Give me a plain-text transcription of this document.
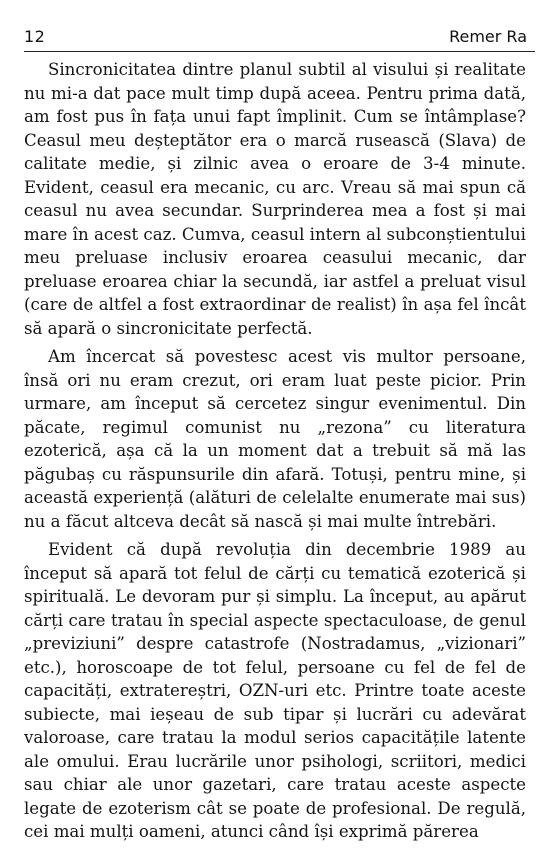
12	Remer Ra

Sincronicitatea dintre planul subtil al visului și realitate nu mi-a dat pace mult timp după aceea. Pentru prima dată, am fost pus în fața unui fapt împlinit. Cum se întâmplase? Ceasul meu deșteptător era o marcă rusească (Slava) de calitate medie, și zilnic avea o eroare de 3-4 minute. Evident, ceasul era mecanic, cu arc. Vreau să mai spun că ceasul nu avea secundar. Surprinderea mea a fost și mai mare în acest caz. Cumva, ceasul intern al subconștientului meu preluase inclusiv eroarea ceasului mecanic, dar preluase eroarea chiar la secundă, iar astfel a preluat visul (care de altfel a fost extraordinar de realist) în așa fel încât să apară o sincronicitate perfectă.

Am încercat să povestesc acest vis multor persoane, însă ori nu eram crezut, ori eram luat peste picior. Prin urmare, am început să cercetez singur evenimentul. Din păcate, regimul comunist nu „rezona” cu literatura ezoterică, așa că la un moment dat a trebuit să mă las păgubaș cu răspunsurile din afară. Totuși, pentru mine, și această experiență (alături de celelalte enumerate mai sus) nu a făcut altceva decât să nască și mai multe întrebări.

Evident că după revoluția din decembrie 1989 au început să apară tot felul de cărți cu tematică ezoterică și spirituală. Le devoram pur și simplu. La început, au apărut cărți care tratau în special aspecte spectaculoase, de genul „previziuni” despre catastrofe (Nostradamus, „vizionari” etc.), horoscoape de tot felul, persoane cu fel de fel de capacități, extratereștri, OZN-uri etc. Printre toate aceste subiecte, mai ieșeau de sub tipar și lucrări cu adevărat valoroase, care tratau la modul serios capacitățile latente ale omului. Erau lucrările unor psihologi, scriitori, medici sau chiar ale unor gazetari, care tratau aceste aspecte legate de ezoterism cât se poate de profesional. De regulă, cei mai mulți oameni, atunci când își exprimă părerea
